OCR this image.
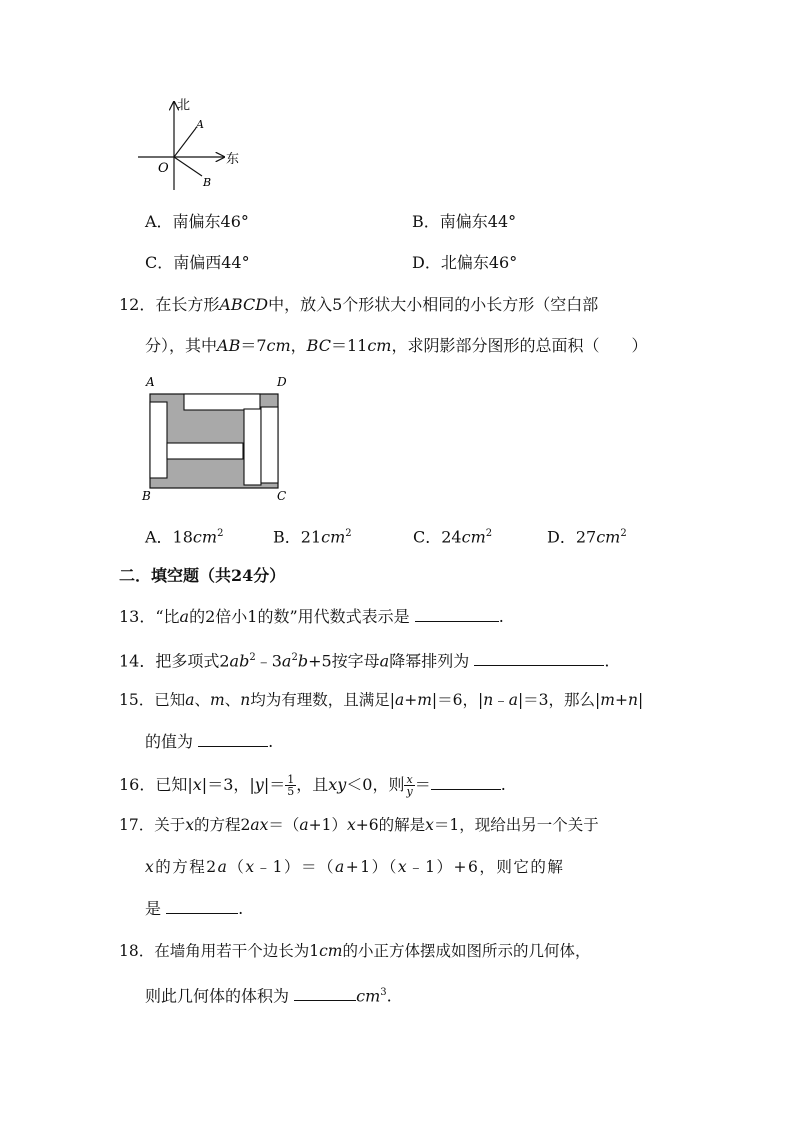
北
东
O
A
B
A．南偏东46°	B．南偏东44°
C．南偏西44°	D．北偏东46°
12．在长方形ABCD中，放入5个形状大小相同的小长方形（空白部
分），其中AB＝7cm，BC＝11cm，求阴影部分图形的总面积（　　）
A	D
B	C
A．$18cm^2$	B．$21cm^2$	C．$24cm^2$	D．$27cm^2$
二．填空题（共24分）
13．“比a的2倍小1的数”用代数式表示是	.
14．把多项式$2ab^2﹣3a^2b+5$按字母a降幂排列为	.
15．已知a、m、n均为有理数，且满足|a+m|＝6，|n﹣a|＝3，那么|m+n|
的值为	.
16．已知|x|＝3，$|y|= \frac{1}{5}$ ，且xy＜0，则 $\frac{x}{y}$ ＝	.
17．关于x的方程2ax＝（a+1）x+6的解是x＝1，现给出另一个关于
x的方程2a（x﹣1）＝（a+1）（x﹣1）+6，则它的解
是	.
18．在墙角用若干个边长为1cm的小正方体摆成如图所示的几何体，
则此几何体的体积为	$cm^3$.
